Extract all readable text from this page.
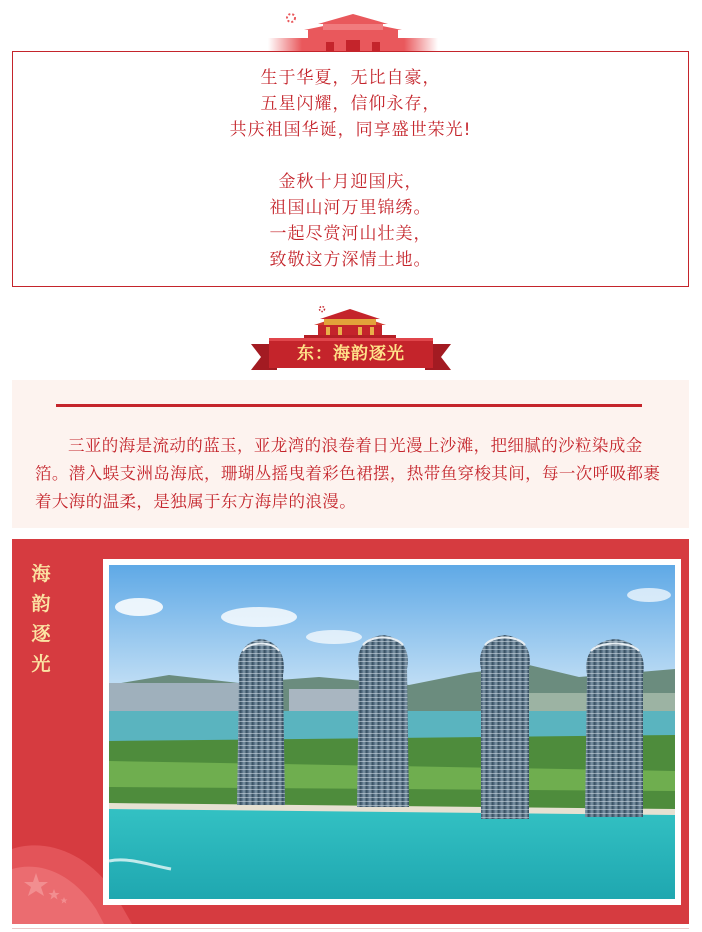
生于华夏，无比自豪，
五星闪耀，信仰永存，
共庆祖国华诞，同享盛世荣光!
金秋十月迎国庆，
祖国山河万里锦绣。
一起尽赏河山壮美，
致敬这方深情土地。
东：海韵逐光

三亚的海是流动的蓝玉，亚龙湾的浪卷着日光漫上沙滩，把细腻的沙粒染成金箔。潜入蜈支洲岛海底，珊瑚丛摇曳着彩色裙摆，热带鱼穿梭其间，每一次呼吸都裹着大海的温柔，是独属于东方海岸的浪漫。

海
韵
逐
光
